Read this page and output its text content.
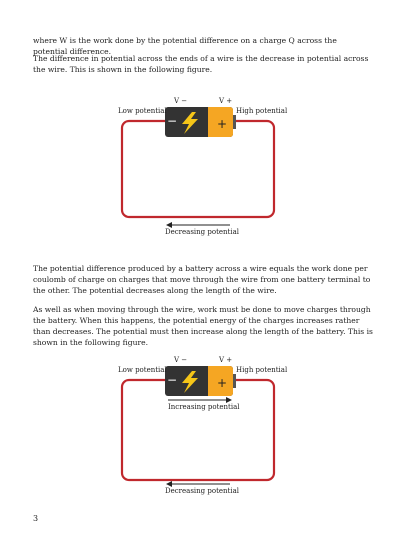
where W is the work done by the potential difference on a charge Q across the potential difference.

The difference in potential across the ends of a wire is the decrease in potential across the wire. This is shown in the following figure.

V −	V +
Low potential	High potential
−	+
Decreasing potential

The potential difference produced by a battery across a wire equals the work done per coulomb of charge on charges that move through the wire from one battery terminal to the other. The potential decreases along the length of the wire.

As well as when moving through the wire, work must be done to move charges through the battery. When this happens, the potential energy of the charges increases rather than decreases. The potential must then increase along the length of the battery. This is shown in the following figure.

V −	V +
Low potential	High potential
−	+
Increasing potential
Decreasing potential
3
